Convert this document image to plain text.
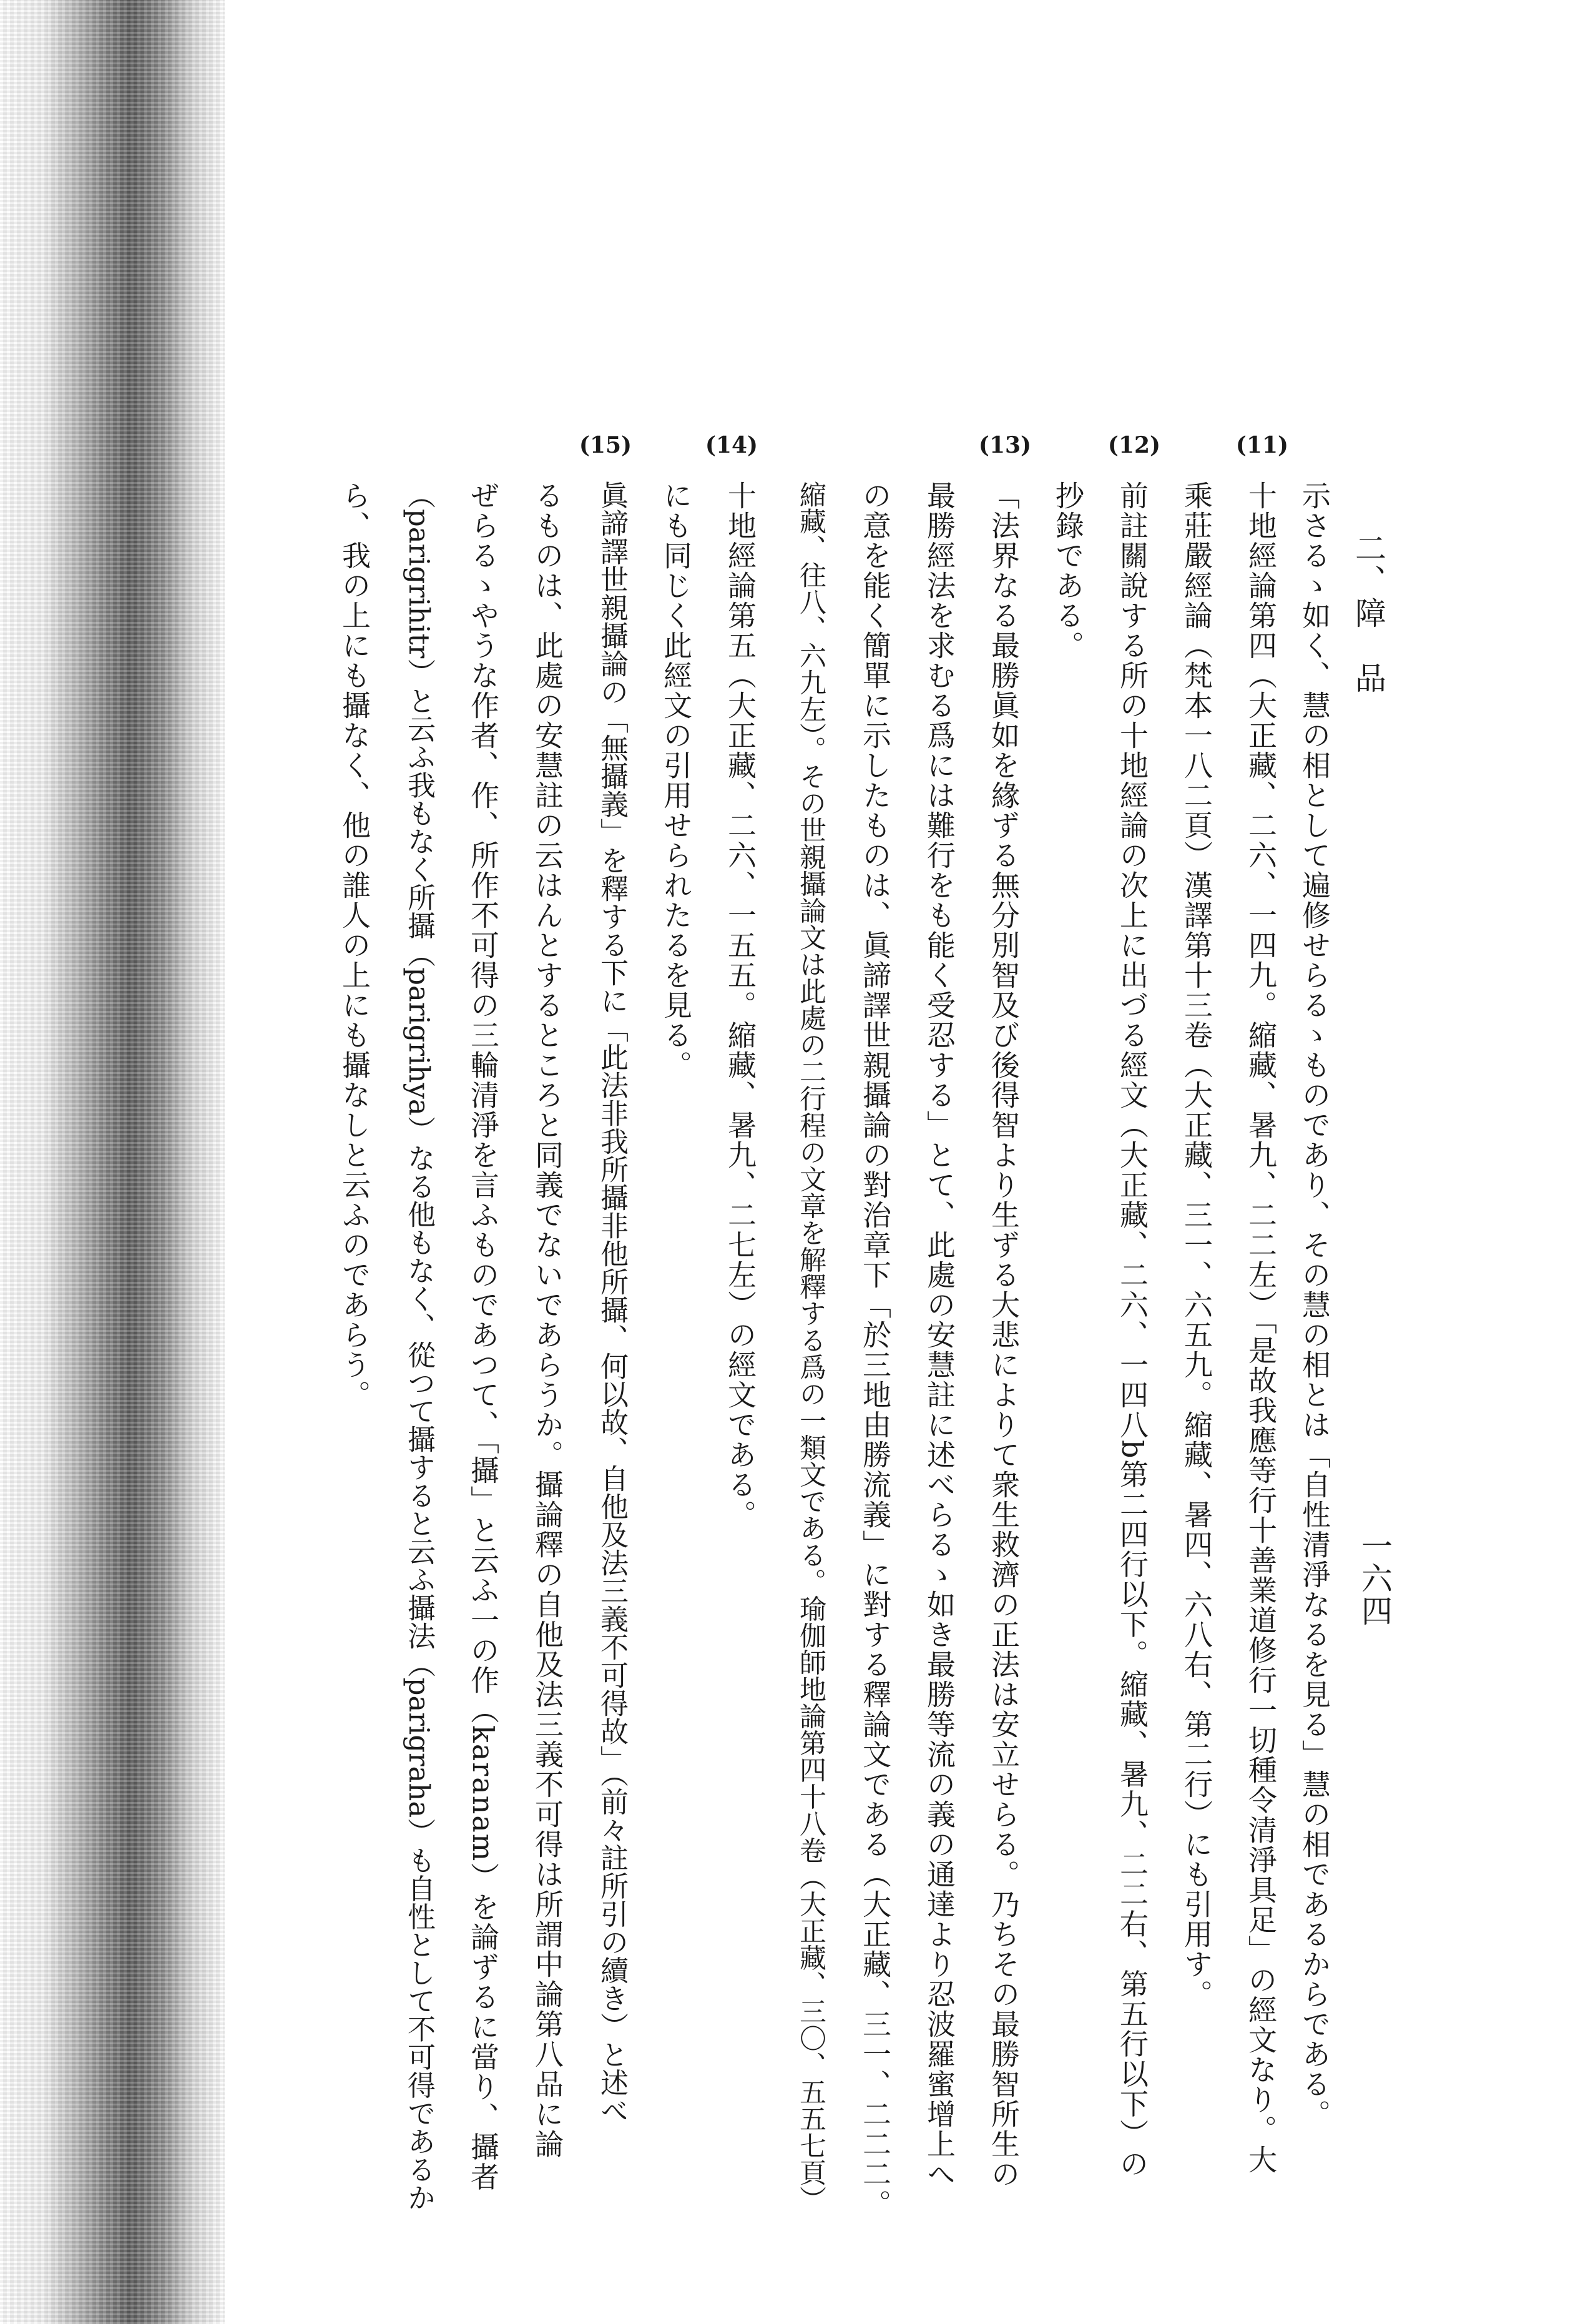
二、障　品
一六四
(11)
(12)
(13)
(14)
(15)
示さるゝ如く、慧の相として遍修せらるゝものであり、その慧の相とは「自性清淨なるを見る」慧の相であるからである。
十地經論第四（大正藏、二六、一四九。縮藏、暑九、二二左）「是故我應等行十善業道修行一切種令清淨具足」の經文なり。大
乘莊嚴經論（梵本一八二頁）漢譯第十三卷（大正藏、三一、六五九。縮藏、暑四、六八右、第二行）にも引用す。
前註關說する所の十地經論の次上に出づる經文（大正藏、二六、一四八b第二四行以下。縮藏、暑九、二二右、第五行以下）の
抄錄である。
「法界なる最勝眞如を緣ずる無分別智及び後得智より生ずる大悲によりて衆生救濟の正法は安立せらる。乃ちその最勝智所生の
最勝經法を求むる爲には難行をも能く受忍する」とて、此處の安慧註に述べらるゝ如き最勝等流の義の通達より忍波羅蜜增上へ
の意を能く簡單に示したものは、眞諦譯世親攝論の對治章下「於三地由勝流義」に對する釋論文である（大正藏、三一、二二二。
縮藏、往八、六九左）。その世親攝論文は此處の二行程の文章を解釋する爲の一類文である。瑜伽師地論第四十八卷（大正藏、三〇、五五七頁）
十地經論第五（大正藏、二六、一五五。縮藏、暑九、二七左）の經文である。
にも同じく此經文の引用せられたるを見る。
眞諦譯世親攝論の「無攝義」を釋する下に「此法非我所攝非他所攝、何以故、自他及法三義不可得故」（前々註所引の續き）と述べ
るものは、此處の安慧註の云はんとするところと同義でないであらうか。攝論釋の自他及法三義不可得は所謂中論第八品に論
ぜらるゝやうな作者、作、所作不可得の三輪清淨を言ふものであつて、「攝」と云ふ一の作（karanam）を論ずるに當り、攝者
（parigrihitr）と云ふ我もなく所攝（parigrihya）なる他もなく、從つて攝すると云ふ攝法（parigraha）も自性として不可得であるか
ら、我の上にも攝なく、他の誰人の上にも攝なしと云ふのであらう。
